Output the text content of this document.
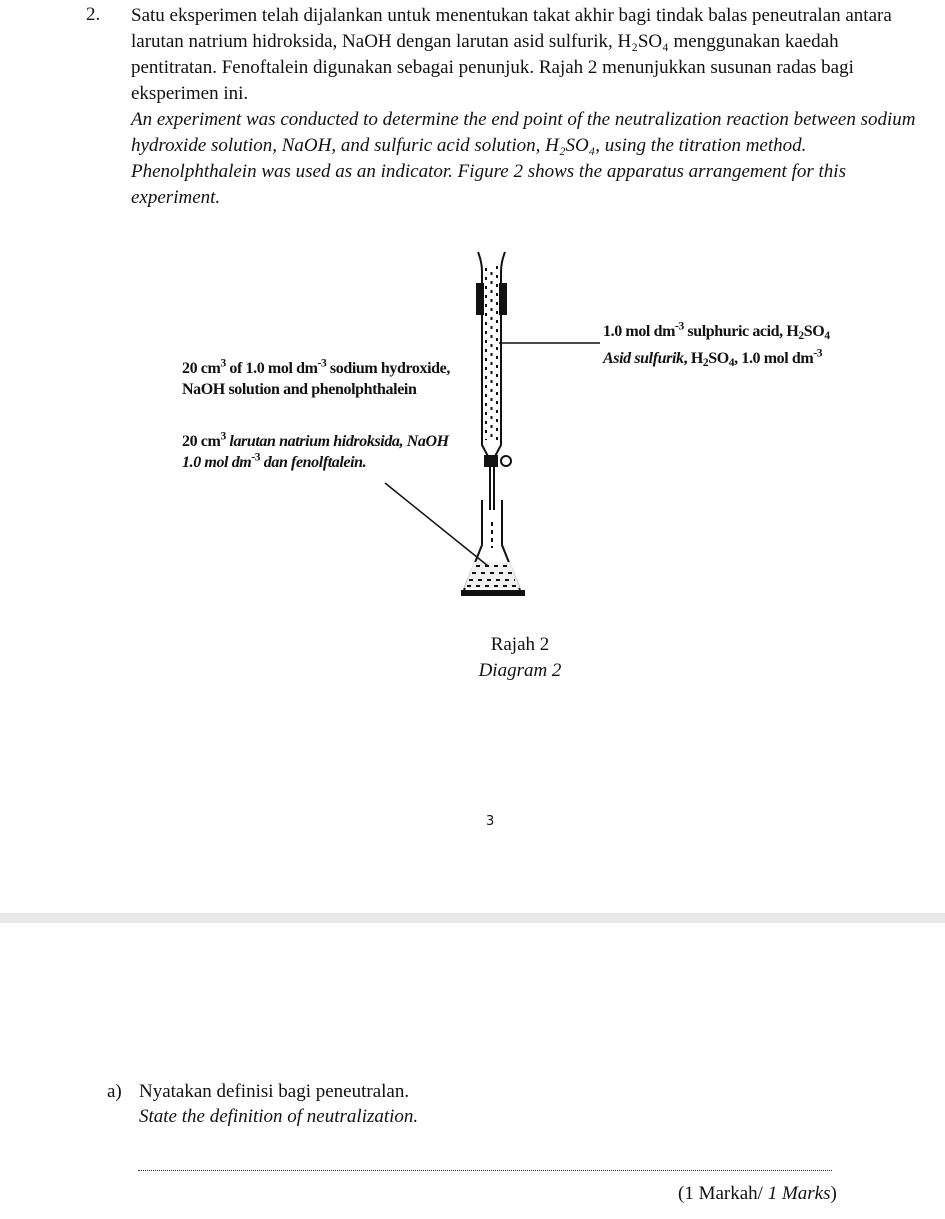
2. Satu eksperimen telah dijalankan untuk menentukan takat akhir bagi tindak balas peneutralan antara larutan natrium hidroksida, NaOH dengan larutan asid sulfurik, H₂SO₄ menggunakan kaedah pentitratan. Fenoftalein digunakan sebagai penunjuk. Rajah 2 menunjukkan susunan radas bagi eksperimen ini.
An experiment was conducted to determine the end point of the neutralization reaction between sodium hydroxide solution, NaOH, and sulfuric acid solution, H₂SO₄, using the titration method. Phenolphthalein was used as an indicator. Figure 2 shows the apparatus arrangement for this experiment.
20 $cm^3$ of 1.0 mol $dm^{-3}$ sodium hydroxide, NaOH solution and phenolphthalein
20 $cm^3$ larutan natrium hidroksida, NaOH 1.0 mol $dm^{-3}$ dan fenolftalein.
1.0 mol $dm^{-3}$ sulphuric acid, $H_2SO_4$
Asid sulfurik, $H_2SO_4$, 1.0 mol $dm^{-3}$
Rajah 2
Diagram 2
3
a) Nyatakan definisi bagi peneutralan.
State the definition of neutralization.
(1 Markah/ 1 Marks)
